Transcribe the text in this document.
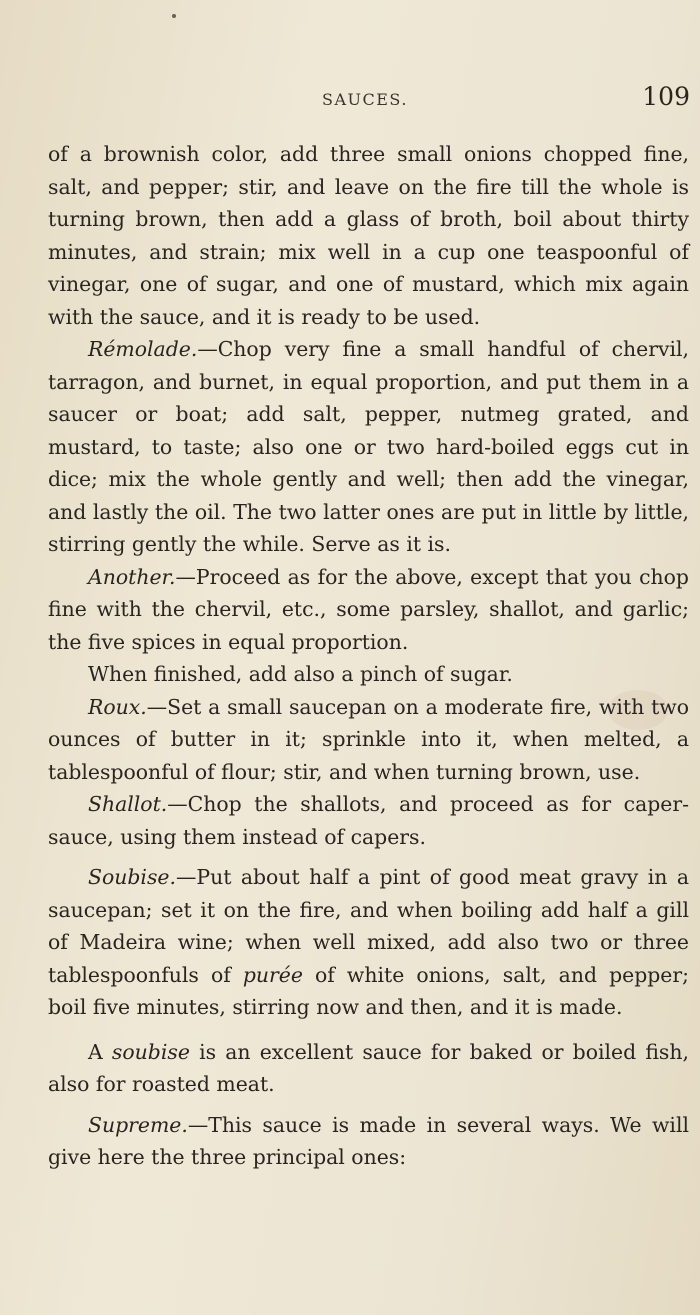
SAUCES.	109

of a brownish color, add three small onions chopped fine, salt, and pepper; stir, and leave on the fire till the whole is turning brown, then add a glass of broth, boil about thirty minutes, and strain; mix well in a cup one teaspoonful of vinegar, one of sugar, and one of mustard, which mix again with the sauce, and it is ready to be used.

Rémolade.—Chop very fine a small handful of chervil, tarragon, and burnet, in equal proportion, and put them in a saucer or boat; add salt, pepper, nutmeg grated, and mustard, to taste; also one or two hard-boiled eggs cut in dice; mix the whole gently and well; then add the vinegar, and lastly the oil. The two latter ones are put in little by little, stirring gently the while. Serve as it is.

Another.—Proceed as for the above, except that you chop fine with the chervil, etc., some parsley, shallot, and garlic; the five spices in equal proportion.

When finished, add also a pinch of sugar.

Roux.—Set a small saucepan on a moderate fire, with two ounces of butter in it; sprinkle into it, when melted, a tablespoonful of flour; stir, and when turning brown, use.

Shallot.—Chop the shallots, and proceed as for caper-sauce, using them instead of capers.

Soubise.—Put about half a pint of good meat gravy in a saucepan; set it on the fire, and when boiling add half a gill of Madeira wine; when well mixed, add also two or three tablespoonfuls of purée of white onions, salt, and pepper; boil five minutes, stirring now and then, and it is made.

A soubise is an excellent sauce for baked or boiled fish, also for roasted meat.

Supreme.—This sauce is made in several ways. We will give here the three principal ones:
